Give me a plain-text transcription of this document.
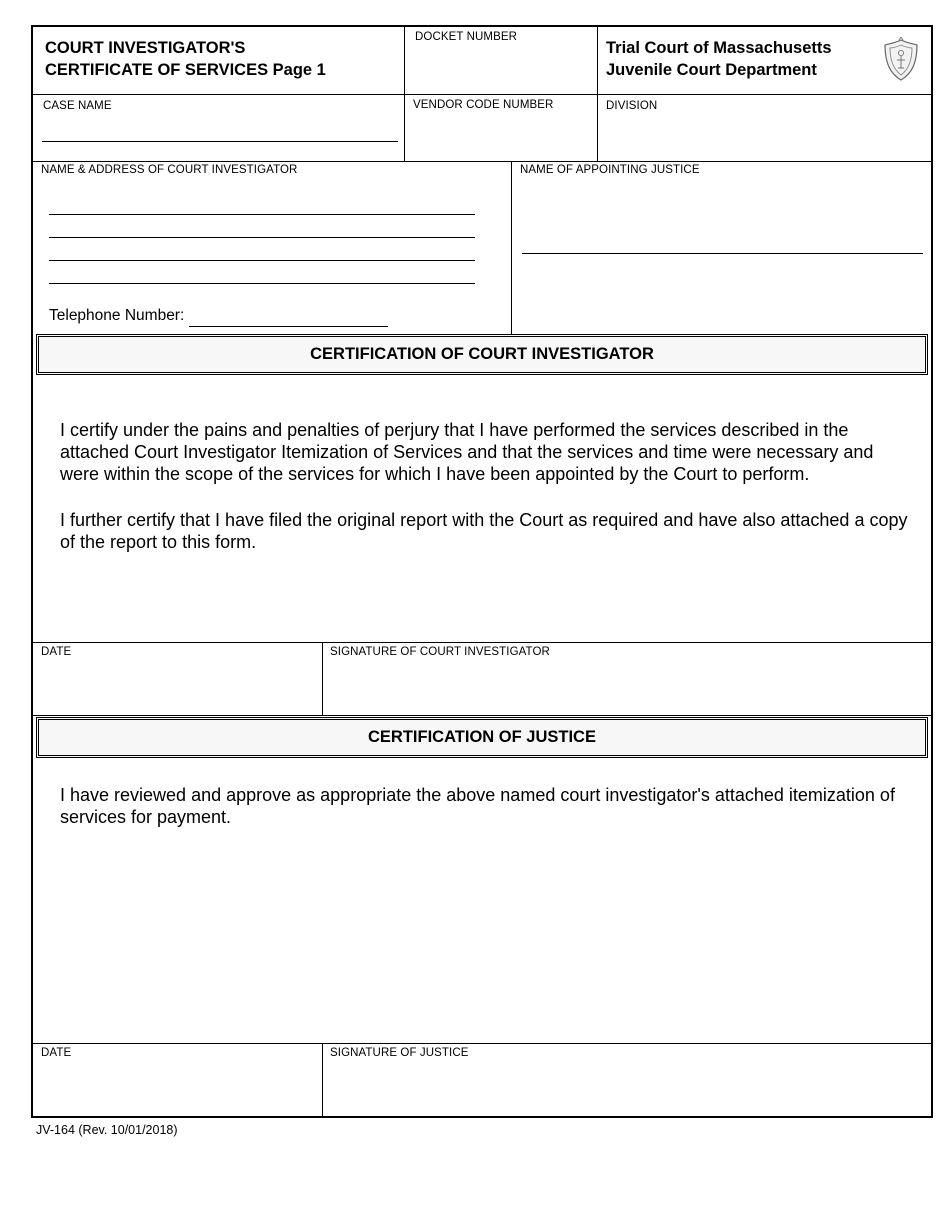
COURT INVESTIGATOR'S
CERTIFICATE OF SERVICES Page 1
DOCKET NUMBER
Trial Court of Massachusetts
Juvenile Court Department
CASE NAME	VENDOR CODE NUMBER	DIVISION
NAME & ADDRESS OF COURT INVESTIGATOR
Telephone Number:
NAME OF APPOINTING JUSTICE
CERTIFICATION OF COURT INVESTIGATOR
I certify under the pains and penalties of perjury that I have performed the services described in the attached Court Investigator Itemization of Services and that the services and time were necessary and were within the scope of the services for which I have been appointed by the Court to perform.
I further certify that I have filed the original report with the Court as required and have also attached a copy of the report to this form.
DATE	SIGNATURE OF COURT INVESTIGATOR
CERTIFICATION OF JUSTICE
I have reviewed and approve as appropriate the above named court investigator's attached itemization of services for payment.
DATE	SIGNATURE OF JUSTICE
JV-164 (Rev. 10/01/2018)
